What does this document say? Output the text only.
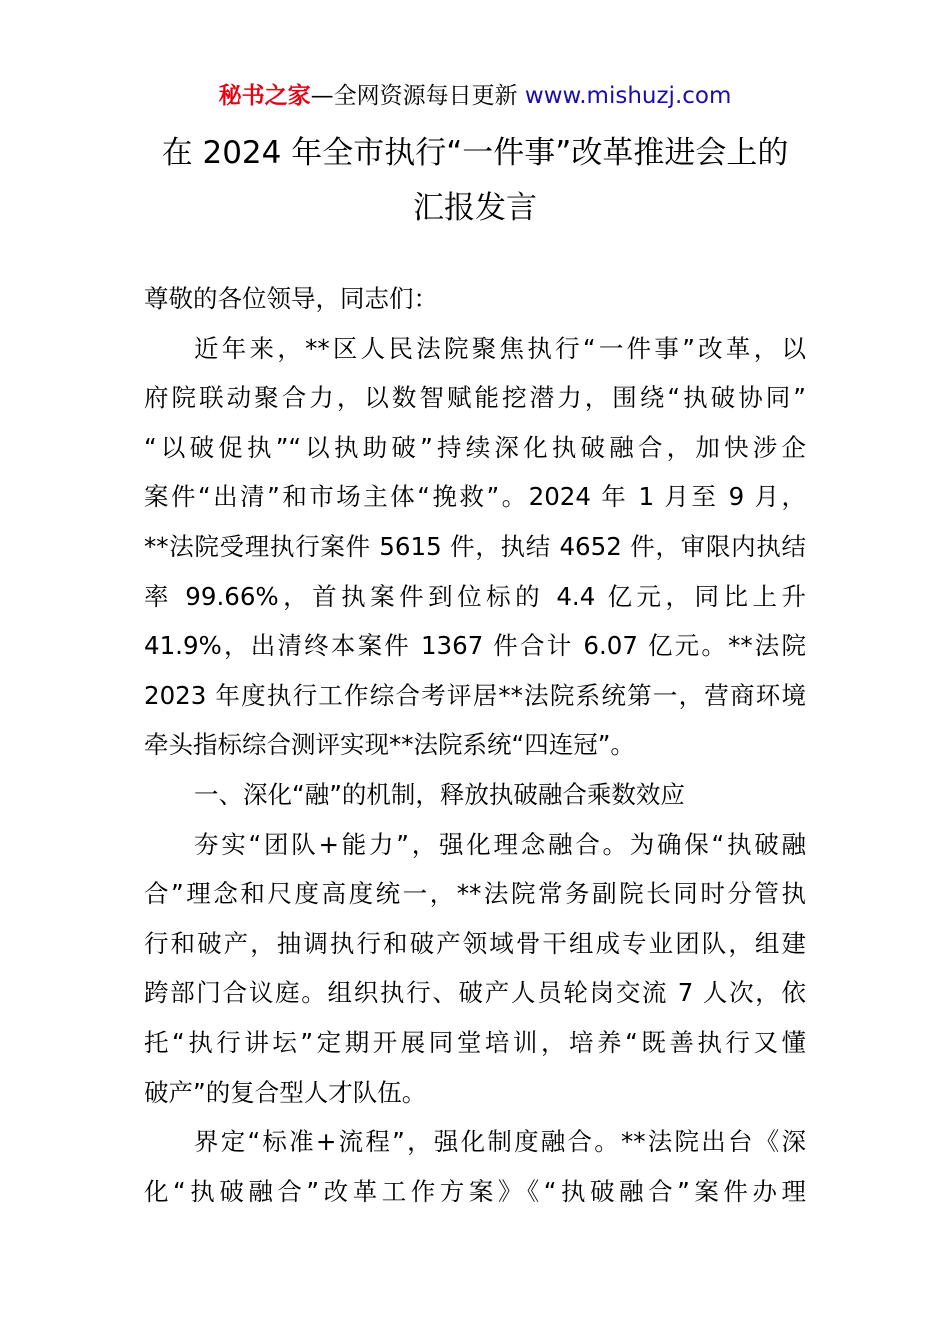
秘书之家—全网资源每日更新 www.mishuzj.com
在 2024 年全市执行“一件事”改革推进会上的
汇报发言
尊敬的各位领导，同志们：
近年来，**区人民法院聚焦执行“一件事”改革，以
府院联动聚合力，以数智赋能挖潜力，围绕“执破协同”
“以破促执”“以执助破”持续深化执破融合，加快涉企
案件“出清”和市场主体“挽救”。2024 年 1 月至 9 月，
**法院受理执行案件 5615 件，执结 4652 件，审限内执结
率 99.66%，首执案件到位标的 4.4 亿元，同比上升
41.9%，出清终本案件 1367 件合计 6.07 亿元。**法院
2023 年度执行工作综合考评居**法院系统第一，营商环境
牵头指标综合测评实现**法院系统“四连冠”。
一、深化“融”的机制，释放执破融合乘数效应
夯实“团队+能力”，强化理念融合。为确保“执破融
合”理念和尺度高度统一，**法院常务副院长同时分管执
行和破产，抽调执行和破产领域骨干组成专业团队，组建
跨部门合议庭。组织执行、破产人员轮岗交流 7 人次，依
托“执行讲坛”定期开展同堂培训，培养“既善执行又懂
破产”的复合型人才队伍。
界定“标准+流程”，强化制度融合。**法院出台《深
化“执破融合”改革工作方案》《“执破融合”案件办理
